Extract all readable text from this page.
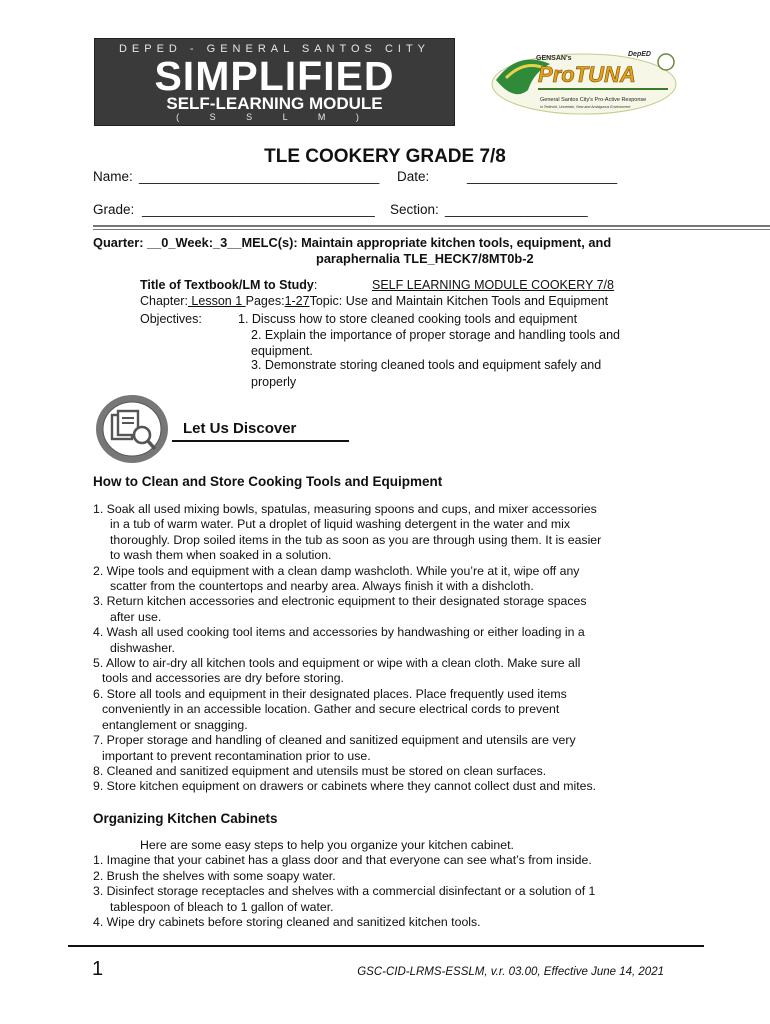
DEPED - GENERAL SANTOS CITY
SIMPLIFIED
SELF-LEARNING MODULE
( S S L M )
GENSAN's
DepED
ProTUNA
General Santos City's Pro-Active Response
in Tedtruht, Uncertain, New and Ambiguous Environment
TLE COOKERY GRADE 7/8
Name: ________________________________ Date:	____________________
Grade: _______________________________ Section: ___________________
Quarter: __0_Week:_3__MELC(s): Maintain appropriate kitchen tools, equipment, and
paraphernalia TLE_HECK7/8MT0b-2
Title of Textbook/LM to Study:	SELF LEARNING MODULE COOKERY 7/8
Chapter: Lesson 1 Pages:1-27Topic: Use and Maintain Kitchen Tools and Equipment
Objectives:	1. Discuss how to store cleaned cooking tools and equipment
2. Explain the importance of proper storage and handling tools and
equipment.
3. Demonstrate storing cleaned tools and equipment safely and
properly
Let Us Discover
How to Clean and Store Cooking Tools and Equipment
1. Soak all used mixing bowls, spatulas, measuring spoons and cups, and mixer accessories
in a tub of warm water. Put a droplet of liquid washing detergent in the water and mix
thoroughly. Drop soiled items in the tub as soon as you are through using them. It is easier
to wash them when soaked in a solution.
2. Wipe tools and equipment with a clean damp washcloth. While you’re at it, wipe off any
scatter from the countertops and nearby area. Always finish it with a dishcloth.
3. Return kitchen accessories and electronic equipment to their designated storage spaces
after use.
4. Wash all used cooking tool items and accessories by handwashing or either loading in a
dishwasher.
5. Allow to air-dry all kitchen tools and equipment or wipe with a clean cloth. Make sure all
tools and accessories are dry before storing.
6. Store all tools and equipment in their designated places. Place frequently used items
conveniently in an accessible location. Gather and secure electrical cords to prevent
entanglement or snagging.
7. Proper storage and handling of cleaned and sanitized equipment and utensils are very
important to prevent recontamination prior to use.
8. Cleaned and sanitized equipment and utensils must be stored on clean surfaces.
9. Store kitchen equipment on drawers or cabinets where they cannot collect dust and mites.
Organizing Kitchen Cabinets
Here are some easy steps to help you organize your kitchen cabinet.
1. Imagine that your cabinet has a glass door and that everyone can see what’s from inside.
2. Brush the shelves with some soapy water.
3. Disinfect storage receptacles and shelves with a commercial disinfectant or a solution of 1
tablespoon of bleach to 1 gallon of water.
4. Wipe dry cabinets before storing cleaned and sanitized kitchen tools.
1	GSC-CID-LRMS-ESSLM, v.r. 03.00, Effective June 14, 2021
